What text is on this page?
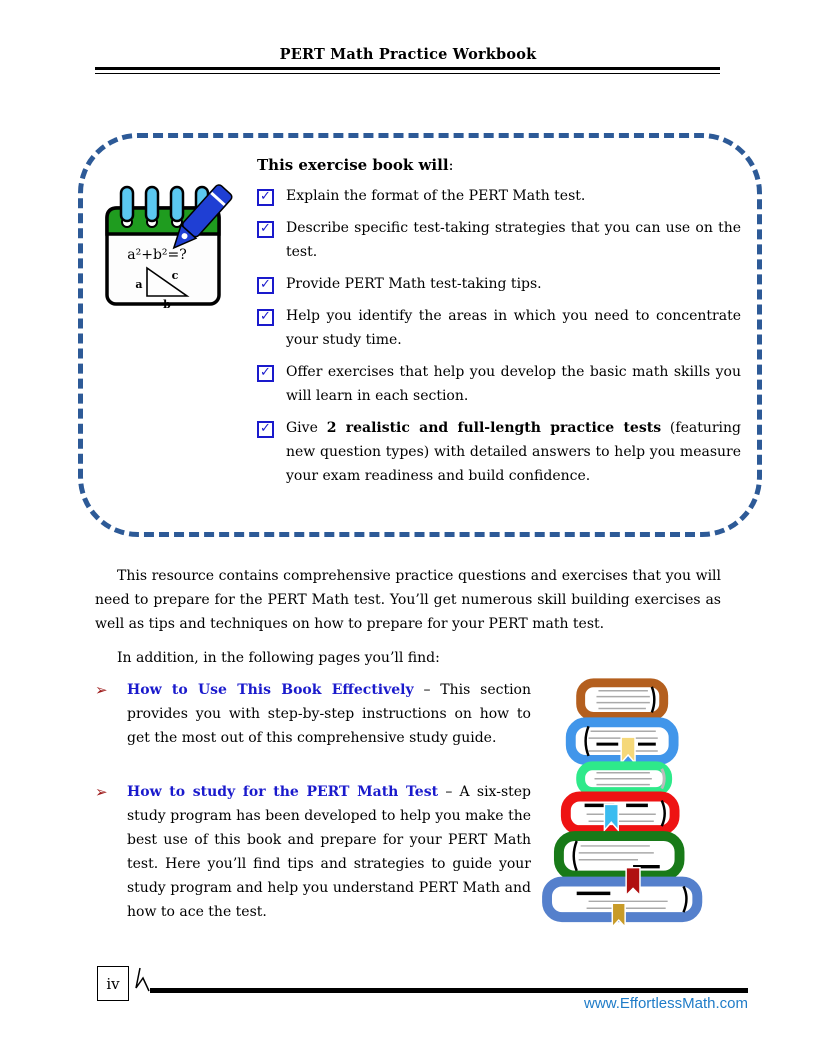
PERT Math Practice Workbook
a²+b²=?
a
b
c
This exercise book will:
✓ Explain the format of the PERT Math test.
✓ Describe specific test-taking strategies that you can use on the test.
✓ Provide PERT Math test-taking tips.
✓ Help you identify the areas in which you need to concentrate your study time.
✓ Offer exercises that help you develop the basic math skills you will learn in each section.
✓ Give 2 realistic and full-length practice tests (featuring new question types) with detailed answers to help you measure your exam readiness and build confidence.
This resource contains comprehensive practice questions and exercises that you will need to prepare for the PERT Math test. You’ll get numerous skill building exercises as well as tips and techniques on how to prepare for your PERT math test.
In addition, in the following pages you’ll find:
➢	How to Use This Book Effectively – This section provides you with step-by-step instructions on how to get the most out of this comprehensive study guide.
➢	How to study for the PERT Math Test – A six-step study program has been developed to help you make the best use of this book and prepare for your PERT Math test. Here you’ll find tips and strategies to guide your study program and help you understand PERT Math and how to ace the test.
iv
www.EffortlessMath.com
